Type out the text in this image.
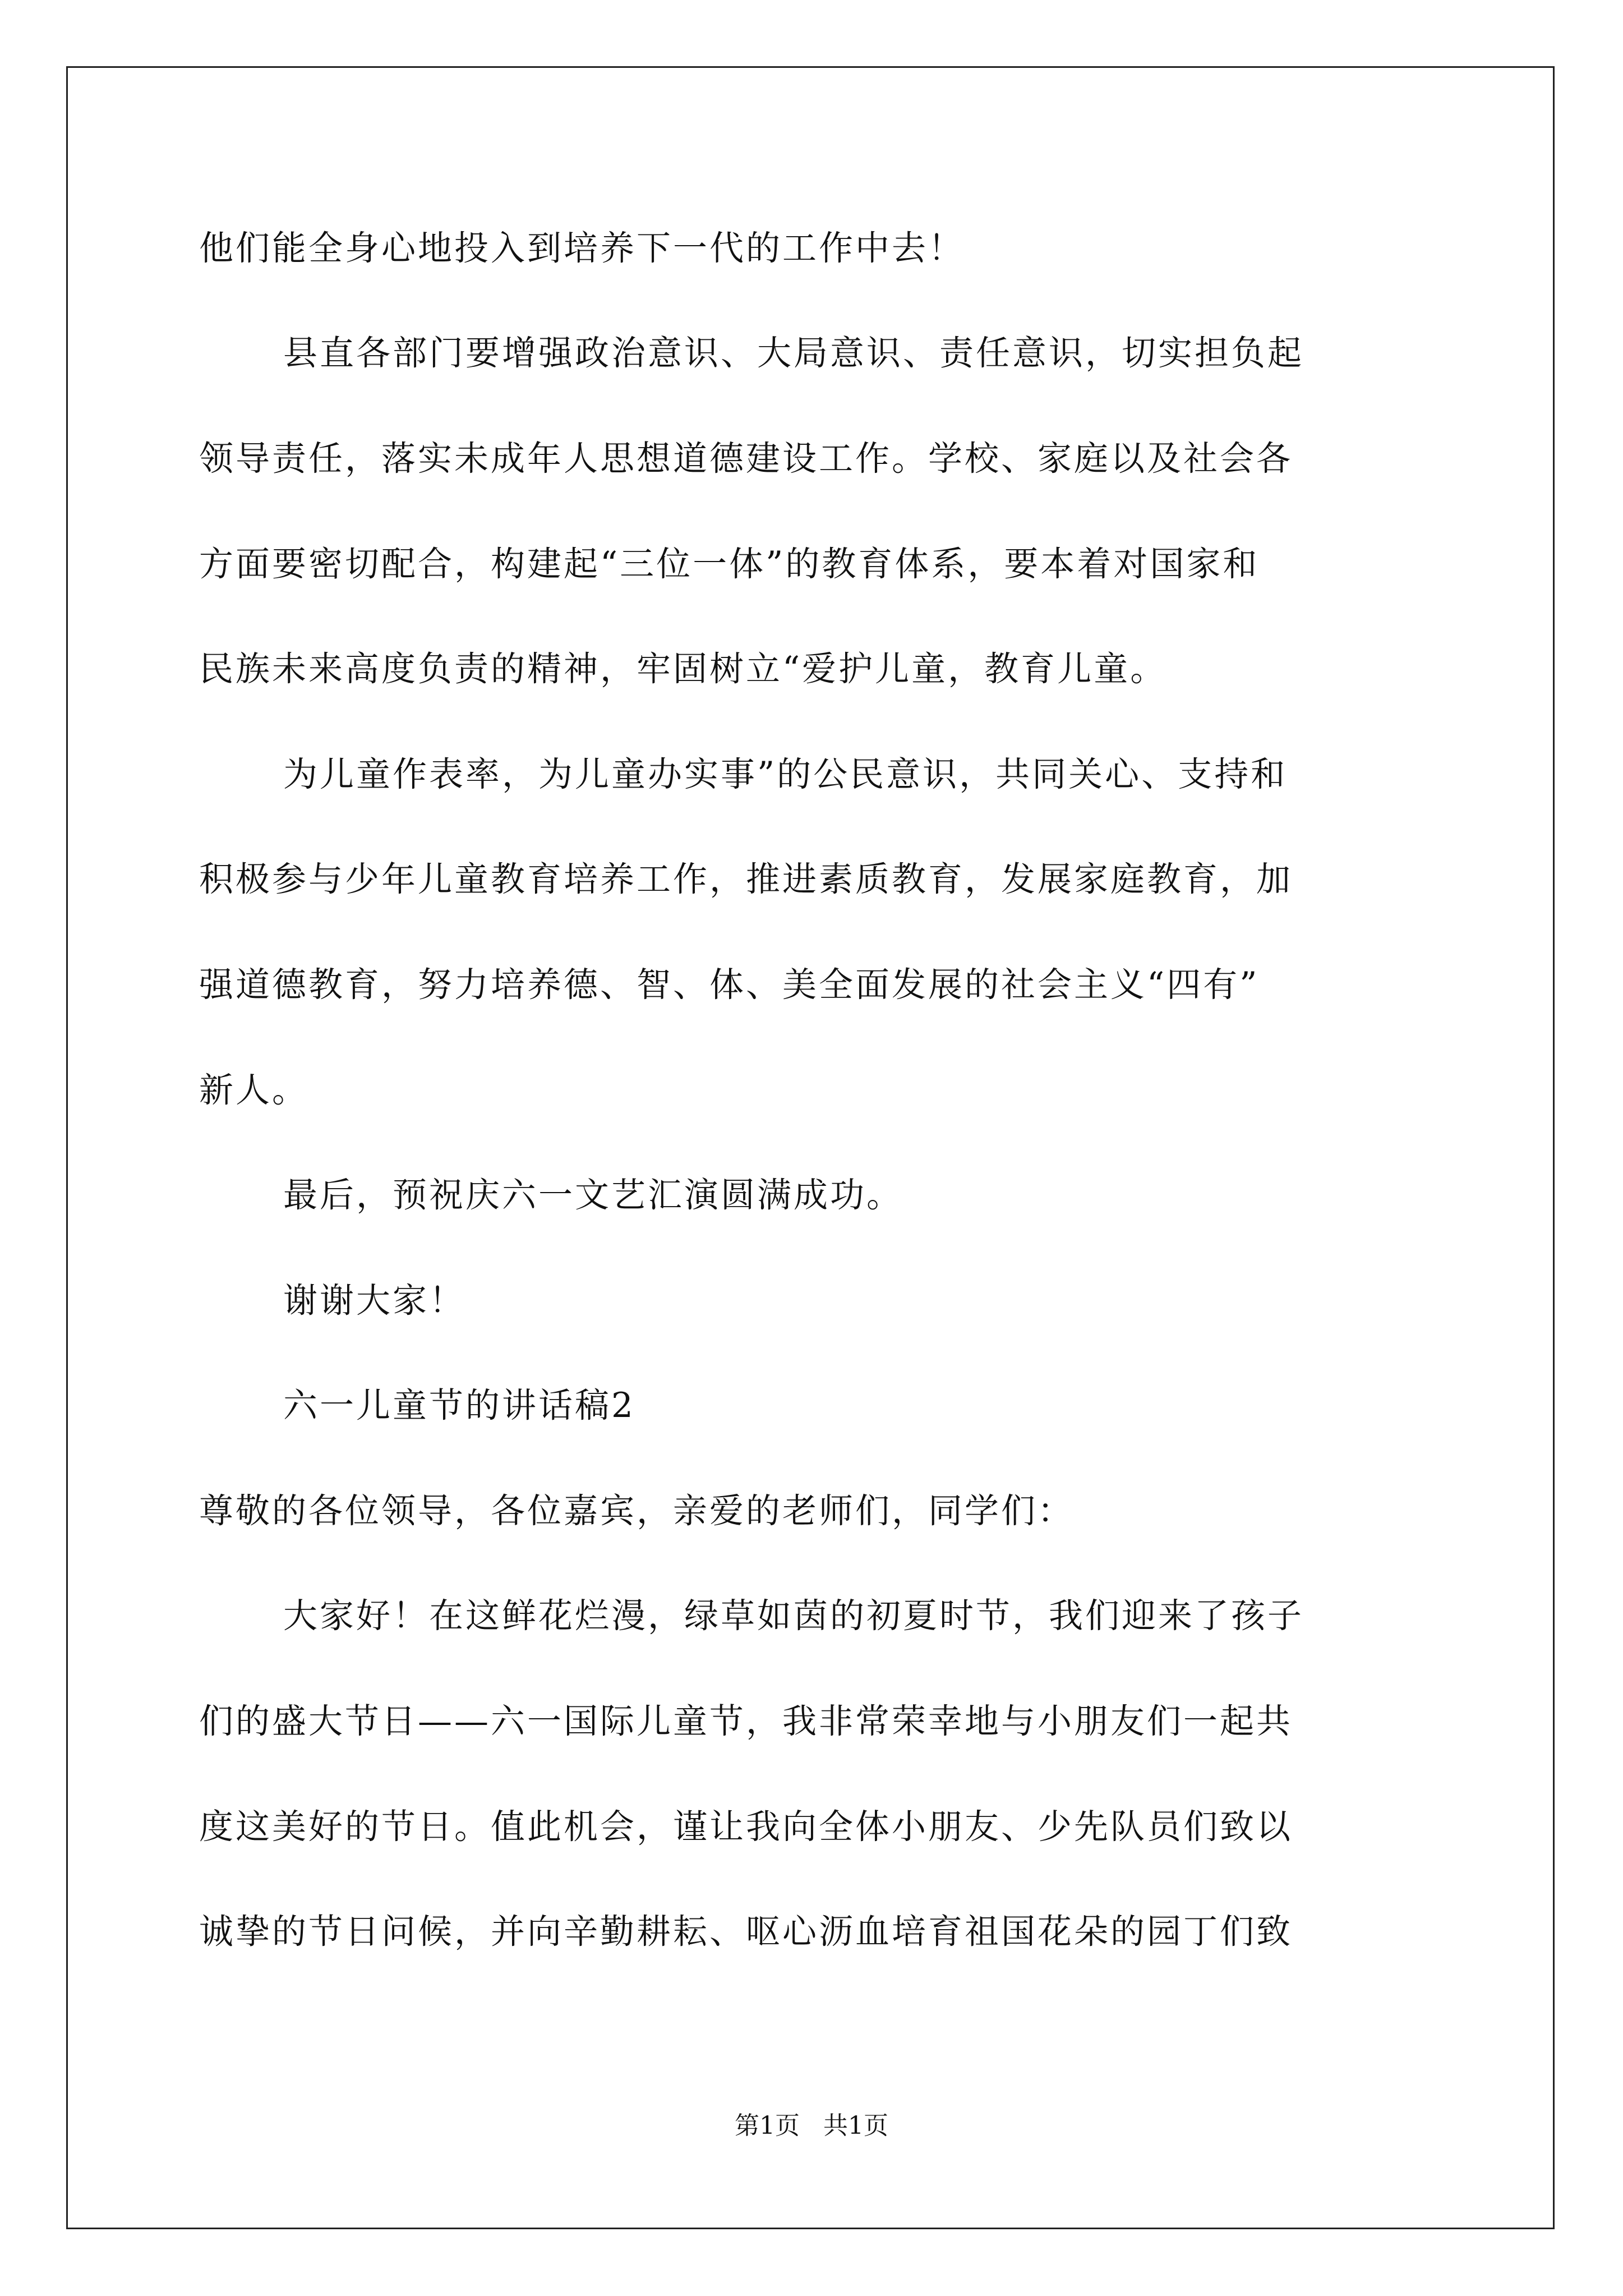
他们能全身心地投入到培养下一代的工作中去！
县直各部门要增强政治意识、大局意识、责任意识，切实担负起
领导责任，落实未成年人思想道德建设工作。学校、家庭以及社会各
方面要密切配合，构建起“三位一体”的教育体系，要本着对国家和
民族未来高度负责的精神，牢固树立“爱护儿童，教育儿童。
为儿童作表率，为儿童办实事”的公民意识，共同关心、支持和
积极参与少年儿童教育培养工作，推进素质教育，发展家庭教育，加
强道德教育，努力培养德、智、体、美全面发展的社会主义“四有”
新人。
最后，预祝庆六一文艺汇演圆满成功。
谢谢大家！
六一儿童节的讲话稿2
尊敬的各位领导，各位嘉宾，亲爱的老师们，同学们：
大家好！在这鲜花烂漫，绿草如茵的初夏时节，我们迎来了孩子
们的盛大节日——六一国际儿童节，我非常荣幸地与小朋友们一起共
度这美好的节日。值此机会，谨让我向全体小朋友、少先队员们致以
诚挚的节日问候，并向辛勤耕耘、呕心沥血培育祖国花朵的园丁们致
第1页   共1页
